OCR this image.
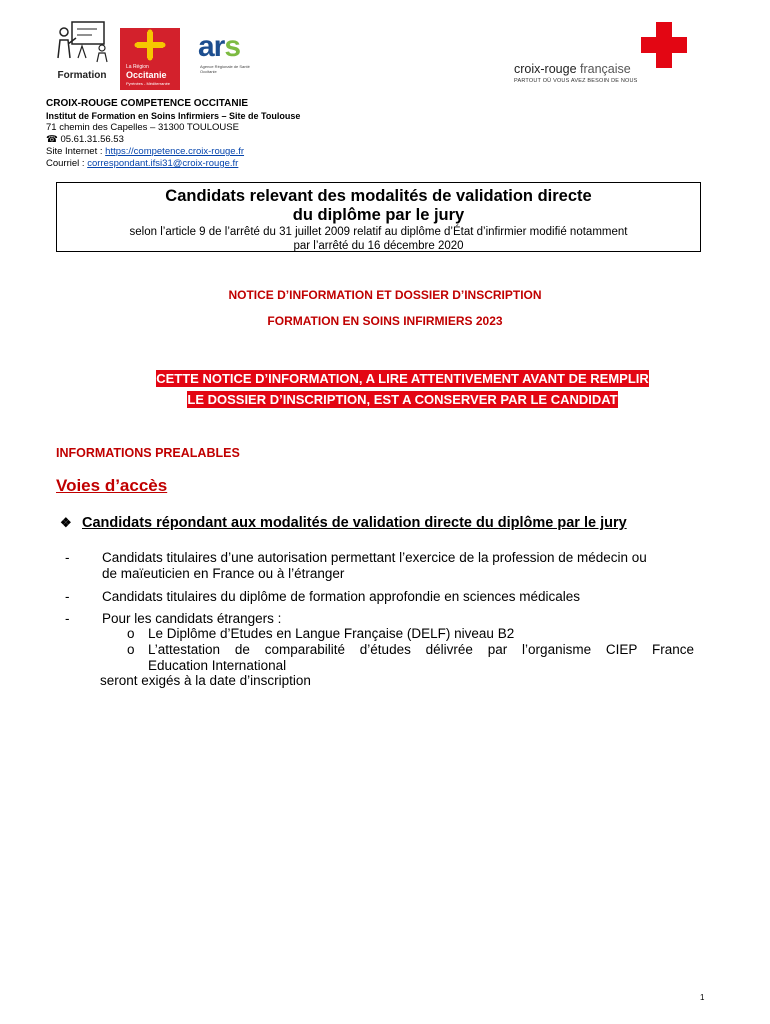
Formation
La Région
Occitanie
Pyrénées - Méditerranée
ars
Agence Régionale de Santé Occitanie	croix-rouge française
PARTOUT OÙ VOUS AVEZ BESOIN DE NOUS
CROIX-ROUGE COMPETENCE OCCITANIE
Institut de Formation en Soins Infirmiers – Site de Toulouse
71 chemin des Capelles – 31300 TOULOUSE
☎ 05.61.31.56.53
Site Internet : https://competence.croix-rouge.fr
Courriel : correspondant.ifsi31@croix-rouge.fr
Candidats relevant des modalités de validation directe
du diplôme par le jury
selon l’article 9 de l’arrêté du 31 juillet 2009 relatif au diplôme d’État d’infirmier modifié notamment
par l’arrêté du 16 décembre 2020
NOTICE D’INFORMATION ET DOSSIER D’INSCRIPTION
FORMATION EN SOINS INFIRMIERS 2023
CETTE NOTICE D’INFORMATION, A LIRE ATTENTIVEMENT AVANT DE REMPLIR
LE DOSSIER D’INSCRIPTION, EST A CONSERVER PAR LE CANDIDAT
INFORMATIONS PREALABLES
Voies d’accès
❖ Candidats répondant aux modalités de validation directe du diplôme par le jury
- Candidats titulaires d’une autorisation permettant l’exercice de la profession de médecin ou
de maïeuticien en France ou à l’étranger
- Candidats titulaires du diplôme de formation approfondie en sciences médicales
- Pour les candidats étrangers :
o Le Diplôme d’Etudes en Langue Française (DELF) niveau B2
o L’attestation de comparabilité d’études délivrée par l’organisme CIEP France
Education International
seront exigés à la date d’inscription
1
